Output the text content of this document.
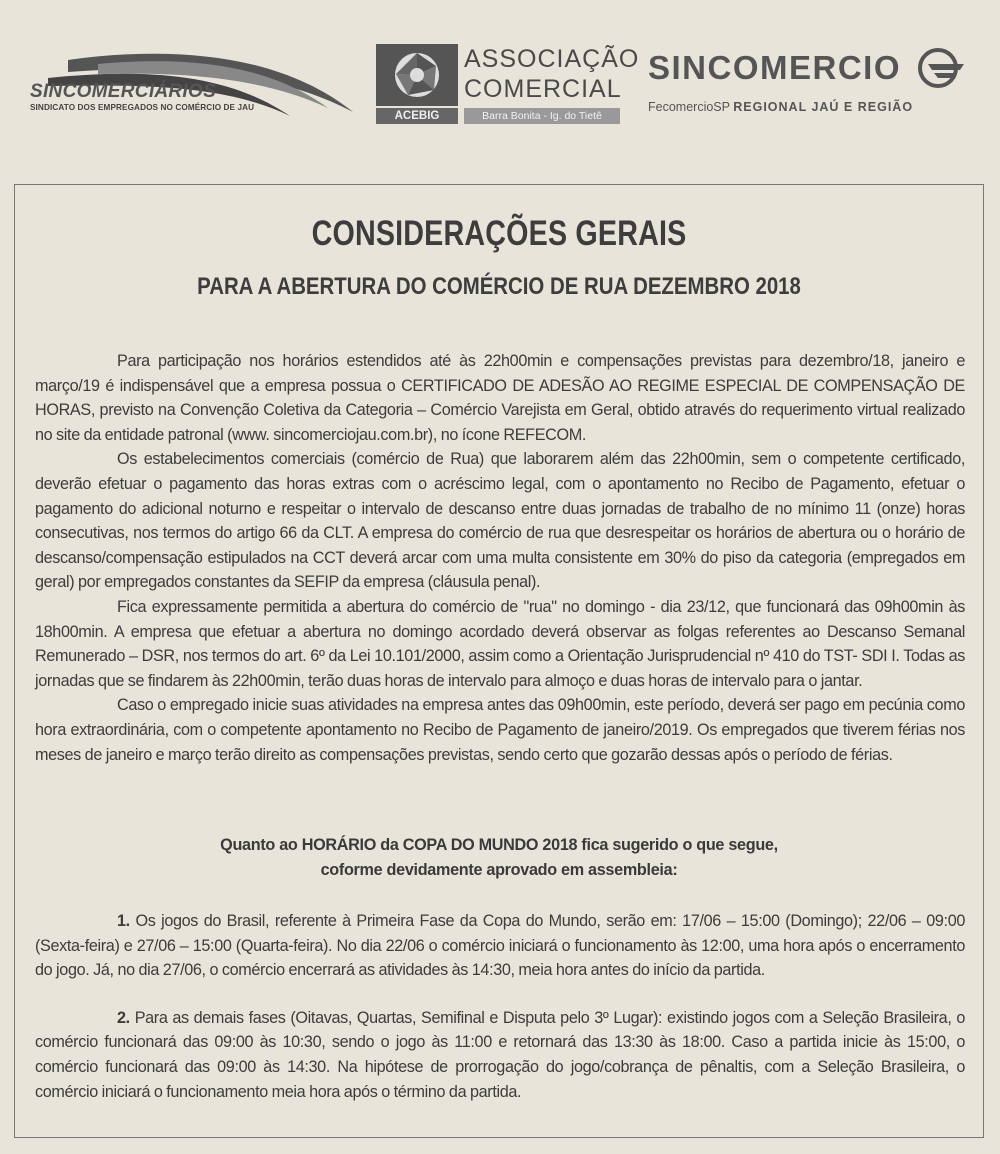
SINCOMERCIÁRIOS
SINDICATO DOS EMPREGADOS NO COMÉRCIO DE JAU
ACEBIG
ASSOCIAÇÃO
COMERCIAL
Barra Bonita - Ig. do Tietê
SINCOMERCIO
FecomercioSP REGIONAL JAÚ E REGIÃO
CONSIDERAÇÕES GERAIS
PARA A ABERTURA DO COMÉRCIO DE RUA DEZEMBRO 2018

Para participação nos horários estendidos até às 22h00min e compensações previstas para dezembro/18, janeiro e março/19 é indispensável que a empresa possua o CERTIFICADO DE ADESÃO AO REGIME ESPECIAL DE COMPENSAÇÃO DE HORAS, previsto na Convenção Coletiva da Categoria – Comércio Varejista em Geral, obtido através do requerimento virtual realizado no site da entidade patronal (www. sincomerciojau.com.br), no ícone REFECOM.

Os estabelecimentos comerciais (comércio de Rua) que laborarem além das 22h00min, sem o competente certificado, deverão efetuar o pagamento das horas extras com o acréscimo legal, com o apontamento no Recibo de Pagamento, efetuar o pagamento do adicional noturno e respeitar o intervalo de descanso entre duas jornadas de trabalho de no mínimo 11 (onze) horas consecutivas, nos termos do artigo 66 da CLT. A empresa do comércio de rua que desrespeitar os horários de abertura ou o horário de descanso/compensação estipulados na CCT deverá arcar com uma multa consistente em 30% do piso da categoria (empregados em geral) por empregados constantes da SEFIP da empresa (cláusula penal).

Fica expressamente permitida a abertura do comércio de "rua" no domingo - dia 23/12, que funcionará das 09h00min às 18h00min. A empresa que efetuar a abertura no domingo acordado deverá observar as folgas referentes ao Descanso Semanal Remunerado – DSR, nos termos do art. 6º da Lei 10.101/2000, assim como a Orientação Jurisprudencial nº 410 do TST- SDI I. Todas as jornadas que se findarem às 22h00min, terão duas horas de intervalo para almoço e duas horas de intervalo para o jantar.

Caso o empregado inicie suas atividades na empresa antes das 09h00min, este período, deverá ser pago em pecúnia como hora extraordinária, com o competente apontamento no Recibo de Pagamento de janeiro/2019. Os empregados que tiverem férias nos meses de janeiro e março terão direito as compensações previstas, sendo certo que gozarão dessas após o período de férias.

Quanto ao HORÁRIO da COPA DO MUNDO 2018 fica sugerido o que segue,
coforme devidamente aprovado em assembleia:

1. Os jogos do Brasil, referente à Primeira Fase da Copa do Mundo, serão em: 17/06 – 15:00 (Domingo); 22/06 – 09:00 (Sexta-feira) e 27/06 – 15:00 (Quarta-feira). No dia 22/06 o comércio iniciará o funcionamento às 12:00, uma hora após o encerramento do jogo. Já, no dia 27/06, o comércio encerrará as atividades às 14:30, meia hora antes do início da partida.

2. Para as demais fases (Oitavas, Quartas, Semifinal e Disputa pelo 3º Lugar): existindo jogos com a Seleção Brasileira, o comércio funcionará das 09:00 às 10:30, sendo o jogo às 11:00 e retornará das 13:30 às 18:00. Caso a partida inicie às 15:00, o comércio funcionará das 09:00 às 14:30. Na hipótese de prorrogação do jogo/cobrança de pênaltis, com a Seleção Brasileira, o comércio iniciará o funcionamento meia hora após o término da partida.
